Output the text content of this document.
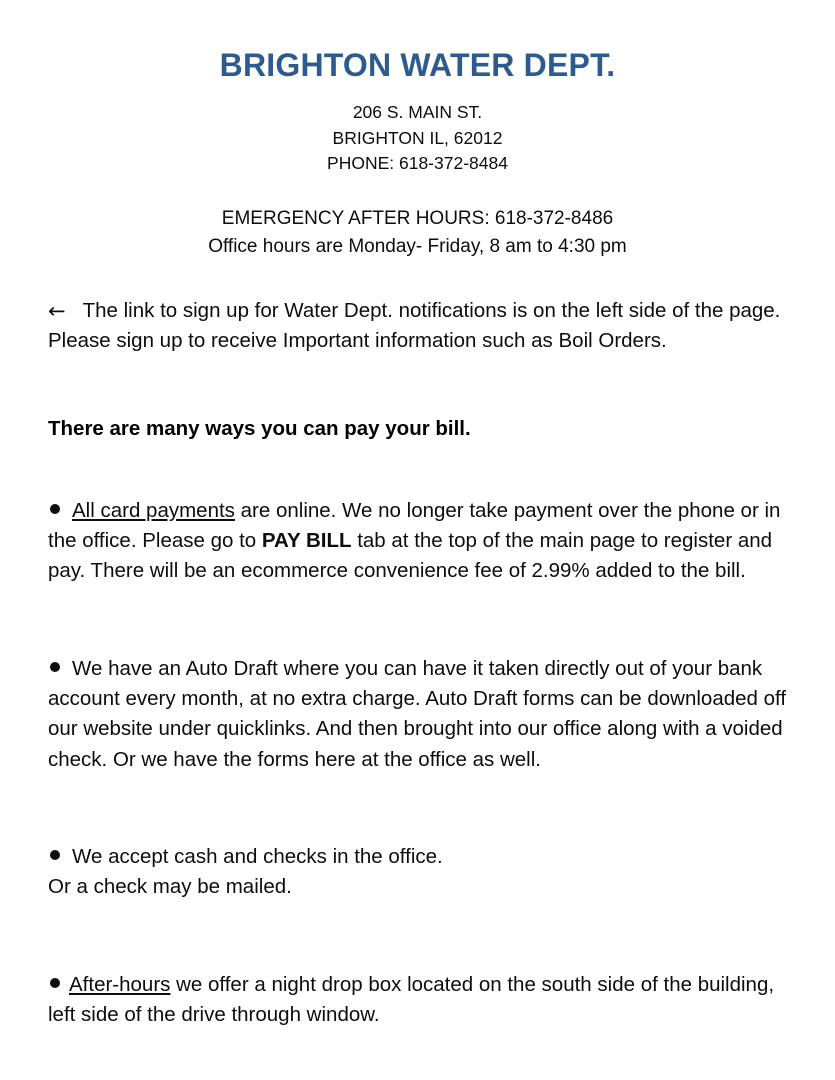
BRIGHTON WATER DEPT.

206 S. MAIN ST.

BRIGHTON IL, 62012

PHONE: 618-372-8484

EMERGENCY AFTER HOURS: 618-372-8486

Office hours are Monday- Friday, 8 am to 4:30 pm

← The link to sign up for Water Dept. notifications is on the left side of the page. Please sign up to receive Important information such as Boil Orders.

There are many ways you can pay your bill.

All card payments are online. We no longer take payment over the phone or in the office. Please go to PAY BILL tab at the top of the main page to register and pay. There will be an ecommerce convenience fee of 2.99% added to the bill.

We have an Auto Draft where you can have it taken directly out of your bank account every month, at no extra charge. Auto Draft forms can be downloaded off our website under quicklinks. And then brought into our office along with a voided check. Or we have the forms here at the office as well.

We accept cash and checks in the office.
Or a check may be mailed.

After-hours we offer a night drop box located on the south side of the building, left side of the drive through window.
